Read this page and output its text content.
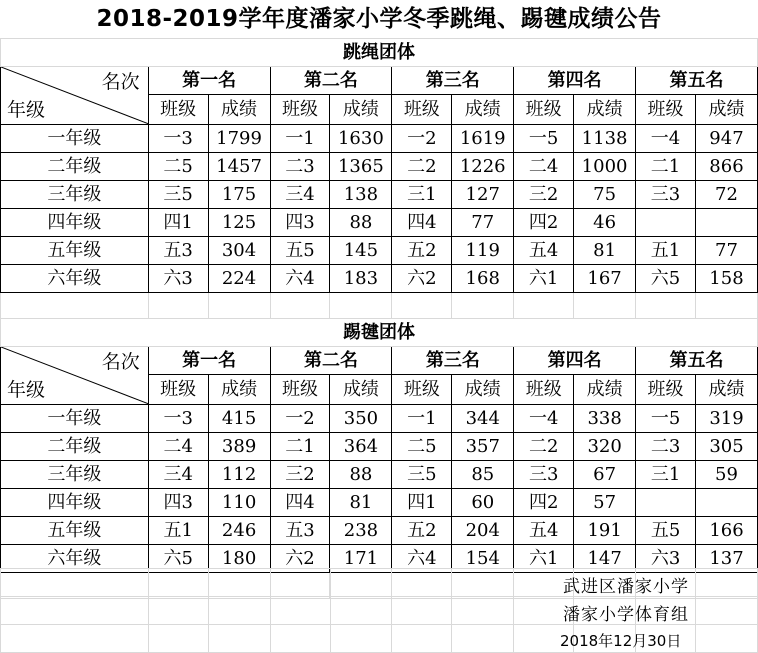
2018-2019学年度潘家小学冬季跳绳、踢毽成绩公告
跳绳团体										

年级
名次	第一名		第二名		第三名		第四名		第五名	
	班级	成绩	班级	成绩	班级	成绩	班级	成绩	班级	成绩
一年级	一3	1799	一1	1630	一2	1619	一5	1138	一4	947
二年级	二5	1457	二3	1365	二2	1226	二4	1000	二1	866
三年级	三5	175	三4	138	三1	127	三2	75	三3	72
四年级	四1	125	四3	88	四4	77	四2	46		
五年级	五3	304	五5	145	五2	119	五4	81	五1	77
六年级	六3	224	六4	183	六2	168	六1	167	六5	158

踢毽团体										

年级
名次	第一名		第二名		第三名		第四名		第五名	
	班级	成绩	班级	成绩	班级	成绩	班级	成绩	班级	成绩
一年级	一3	415	一2	350	一1	344	一4	338	一5	319
二年级	二4	389	二1	364	二5	357	二2	320	二3	305
三年级	三4	112	三2	88	三5	85	三3	67	三1	59
四年级	四3	110	四4	81	四1	60	四2	57		
五年级	五1	246	五3	238	五2	204	五4	191	五5	166
六年级	六5	180	六2	171	六4	154	六1	147	六3	137

武进区潘家小学
潘家小学体育组
2018年12月30日
